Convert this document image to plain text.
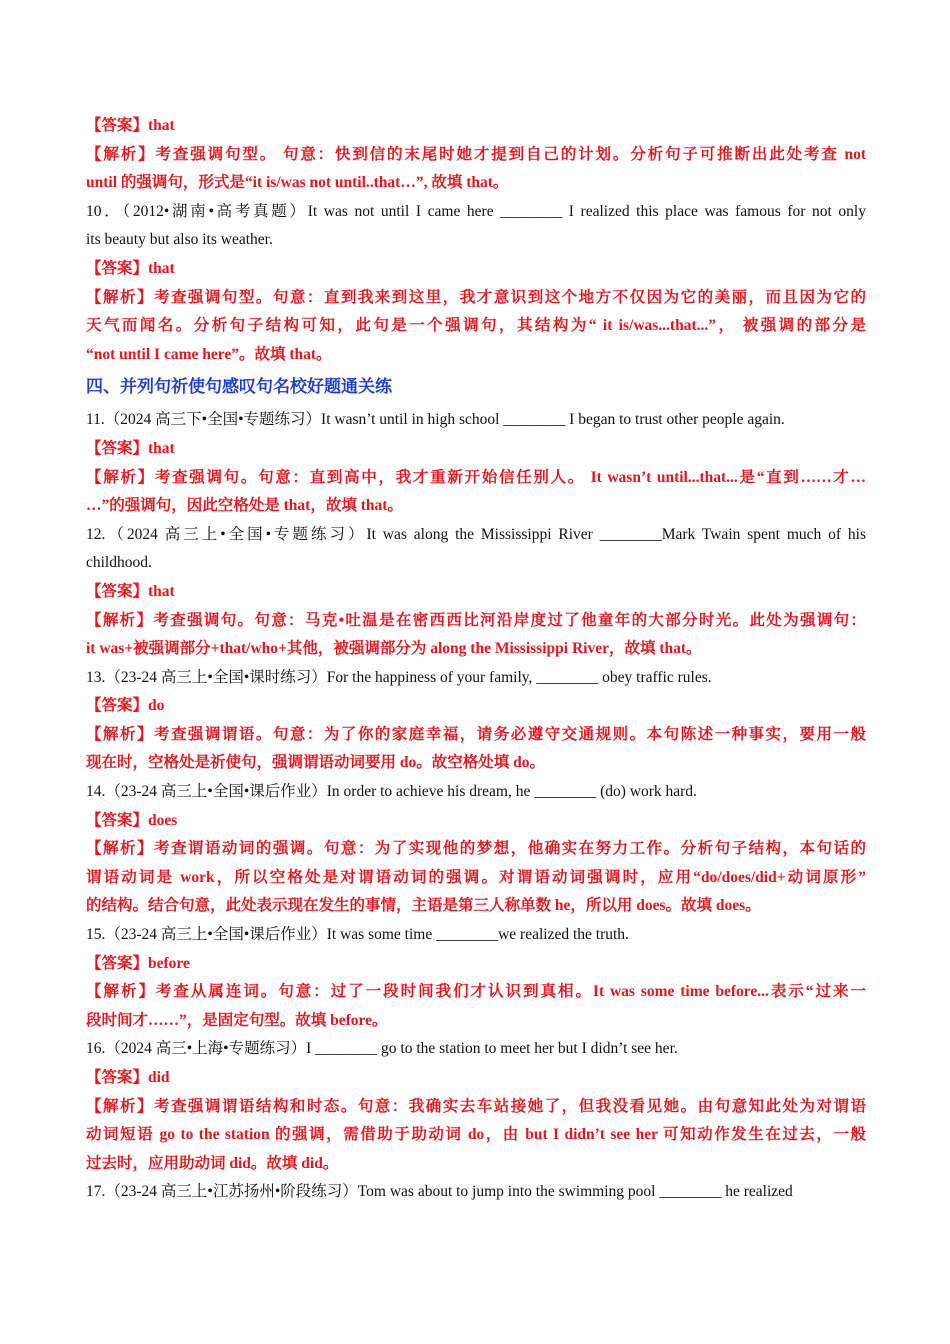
【答案】that
【解析】考查强调句型。 句意：快到信的末尾时她才提到自己的计划。分析句子可推断出此处考查 not
until 的强调句，形式是“it is/was not until..that…”, 故填 that。
10．（2012•湖南•高考真题）It was not until I came here ________ I realized this place was famous for not only
its beauty but also its weather.
【答案】that
【解析】考查强调句型。句意：直到我来到这里，我才意识到这个地方不仅因为它的美丽，而且因为它的
天气而闻名。分析句子结构可知，此句是一个强调句，其结构为“ it is/was...that...”， 被强调的部分是
“not until I came here”。故填 that。
四、并列句祈使句感叹句名校好题通关练
11.（2024 高三下•全国•专题练习）It wasn’t until in high school ________ I began to trust other people again.
【答案】that
【解析】考查强调句。句意：直到高中，我才重新开始信任别人。 It wasn’t until...that...是“直到……才…
…”的强调句，因此空格处是 that，故填 that。
12.（2024 高三上•全国•专题练习）It was along the Mississippi River ________Mark Twain spent much of his
childhood.
【答案】that
【解析】考查强调句。句意：马克•吐温是在密西西比河沿岸度过了他童年的大部分时光。此处为强调句：
it was+被强调部分+that/who+其他，被强调部分为 along the Mississippi River，故填 that。
13.（23-24 高三上•全国•课时练习）For the happiness of your family, ________ obey traffic rules.
【答案】do
【解析】考查强调谓语。句意：为了你的家庭幸福，请务必遵守交通规则。本句陈述一种事实，要用一般
现在时，空格处是祈使句，强调谓语动词要用 do。故空格处填 do。
14.（23-24 高三上•全国•课后作业）In order to achieve his dream, he ________ (do) work hard.
【答案】does
【解析】考查谓语动词的强调。句意：为了实现他的梦想，他确实在努力工作。分析句子结构，本句话的
谓语动词是 work，所以空格处是对谓语动词的强调。对谓语动词强调时，应用“do/does/did+动词原形”
的结构。结合句意，此处表示现在发生的事情，主语是第三人称单数 he，所以用 does。故填 does。
15.（23-24 高三上•全国•课后作业）It was some time ________we realized the truth.
【答案】before
【解析】考查从属连词。句意：过了一段时间我们才认识到真相。It was some time before...表示“过来一
段时间才……”，是固定句型。故填 before。
16.（2024 高三•上海•专题练习）I ________ go to the station to meet her but I didn’t see her.
【答案】did
【解析】考查强调谓语结构和时态。句意：我确实去车站接她了，但我没看见她。由句意知此处为对谓语
动词短语 go to the station 的强调，需借助于助动词 do，由 but I didn’t see her 可知动作发生在过去，一般
过去时，应用助动词 did。故填 did。
17.（23-24 高三上•江苏扬州•阶段练习）Tom was about to jump into the swimming pool ________ he realized
